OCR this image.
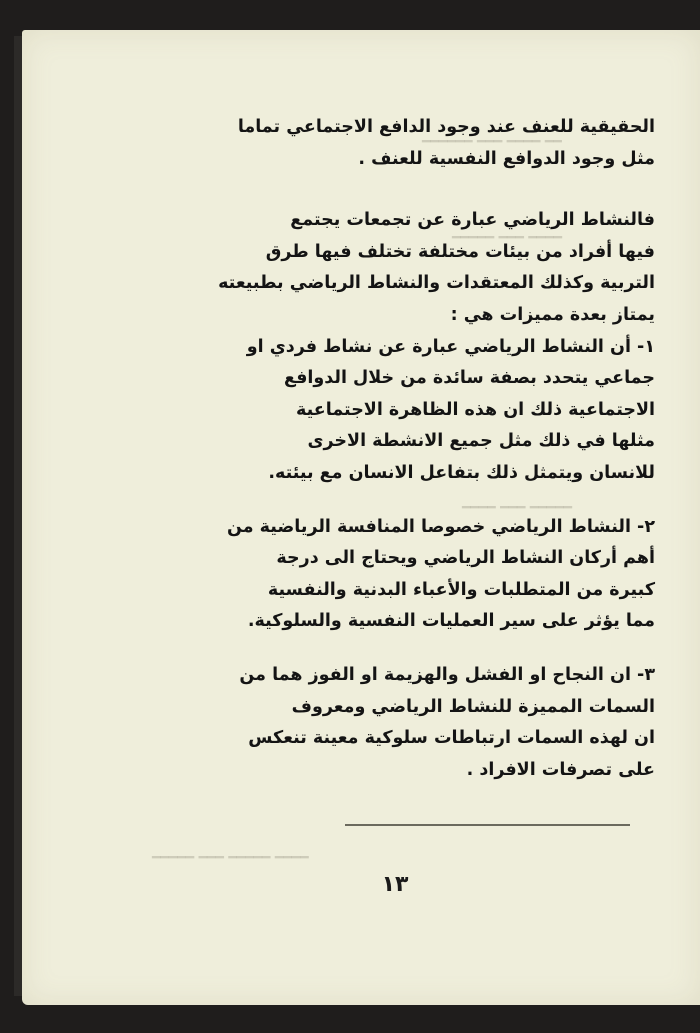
━━ ━━━━ ━━━ ━━━━━━
━━━━ ━━━ ━━━━━
━━━━━ ━━━ ━━━━
━━━━ ━━━━━ ━━━ ━━━━━
الحقيقية للعنف عند وجود الدافع الاجتماعي تماما
مثل وجود الدوافع النفسية للعنف .
فالنشاط الرياضي عبارة عن تجمعات يجتمع
فيها أفراد من بيئات مختلفة تختلف فيها طرق
التربية وكذلك المعتقدات والنشاط الرياضي بطبيعته
يمتاز بعدة مميزات هي :
١- أن النشاط الرياضي عبارة عن نشاط فردي او
جماعي يتحدد بصفة سائدة من خلال الدوافع
الاجتماعية ذلك ان هذه الظاهرة الاجتماعية
مثلها في ذلك مثل جميع الانشطة الاخرى
للانسان ويتمثل ذلك بتفاعل الانسان مع بيئته.
٢- النشاط الرياضي خصوصا المنافسة الرياضية من
أهم أركان النشاط الرياضي ويحتاج الى درجة
كبيرة من المتطلبات والأعباء البدنية والنفسية
مما يؤثر على سير العمليات النفسية والسلوكية.
٣- ان النجاح او الفشل والهزيمة او الفوز هما من
السمات المميزة للنشاط الرياضي ومعروف
ان لهذه السمات ارتباطات سلوكية معينة تنعكس
على تصرفات الافراد .
١٣
